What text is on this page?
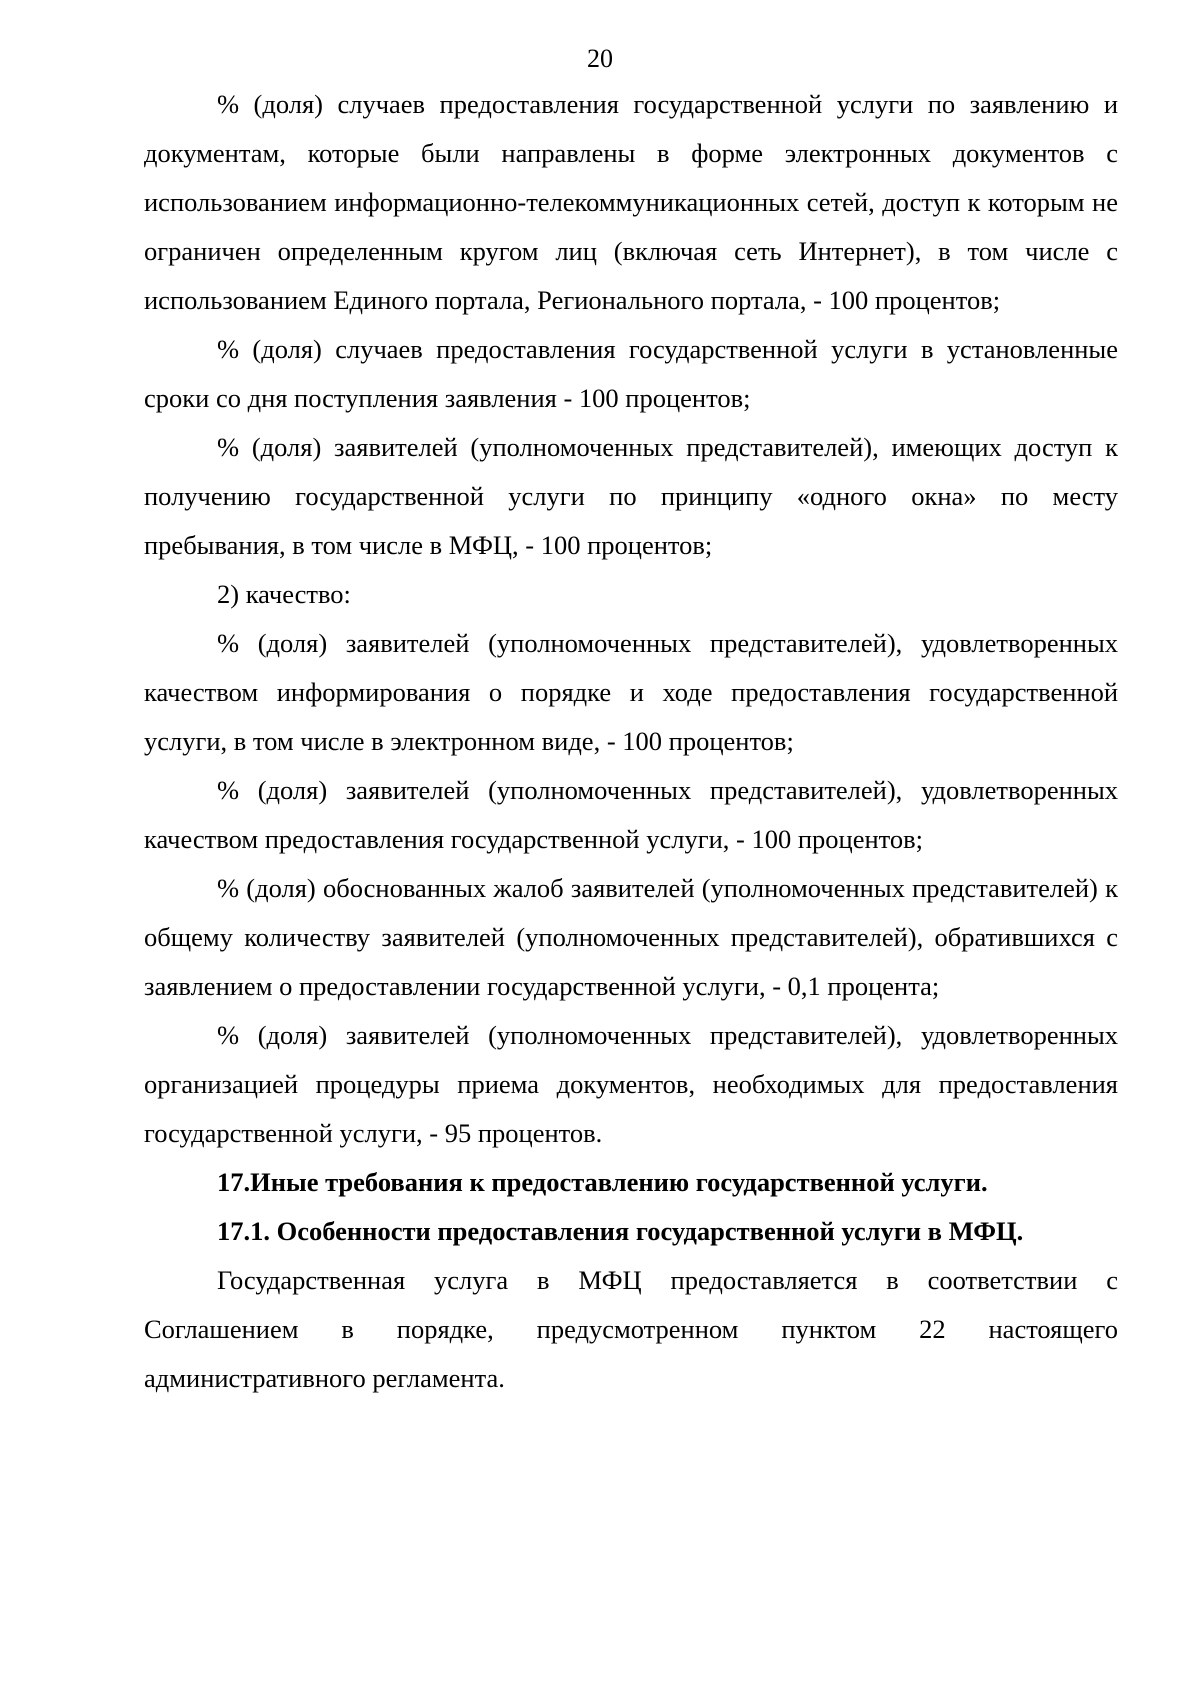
20

% (доля) случаев предоставления государственной услуги по заявлению и документам, которые были направлены в форме электронных документов с использованием информационно-телекоммуникационных сетей, доступ к которым не ограничен определенным кругом лиц (включая сеть Интернет), в том числе с использованием Единого портала, Регионального портала, - 100 процентов;

% (доля) случаев предоставления государственной услуги в установленные сроки со дня поступления заявления - 100 процентов;

% (доля) заявителей (уполномоченных представителей), имеющих доступ к получению государственной услуги по принципу «одного окна» по месту пребывания, в том числе в МФЦ, - 100 процентов;

2) качество:

% (доля) заявителей (уполномоченных представителей), удовлетворенных качеством информирования о порядке и ходе предоставления государственной услуги, в том числе в электронном виде, - 100 процентов;

% (доля) заявителей (уполномоченных представителей), удовлетворенных качеством предоставления государственной услуги, - 100 процентов;

% (доля) обоснованных жалоб заявителей (уполномоченных представителей) к общему количеству заявителей (уполномоченных представителей), обратившихся с заявлением о предоставлении государственной услуги, - 0,1 процента;

% (доля) заявителей (уполномоченных представителей), удовлетворенных организацией процедуры приема документов, необходимых для предоставления государственной услуги, - 95 процентов.

17.Иные требования к предоставлению государственной услуги.

17.1. Особенности предоставления государственной услуги в МФЦ.

Государственная услуга в МФЦ предоставляется в соответствии с Соглашением в порядке, предусмотренном пунктом 22 настоящего административного регламента.
